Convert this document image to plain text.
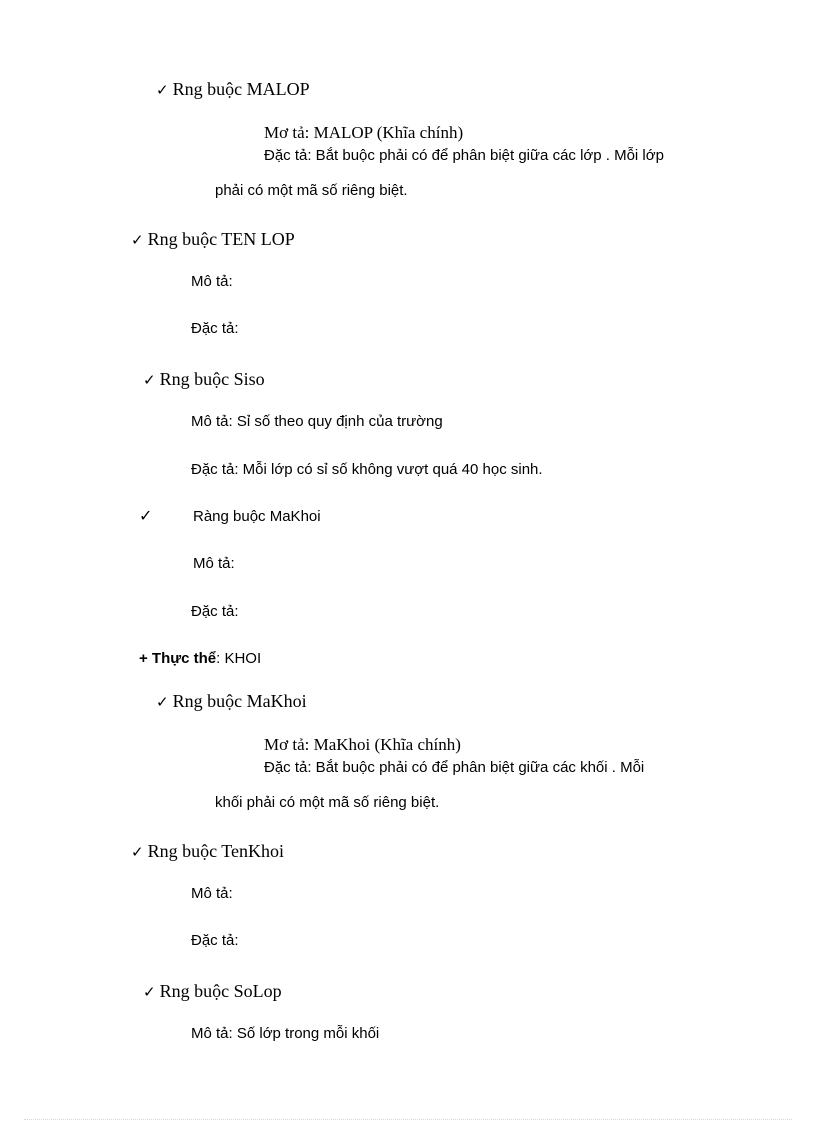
✓ Rng buộc MALOP
Mơ tả: MALOP (Khĩa chính)
Đặc tả: Bắt buộc phải có để phân biệt giữa các lớp . Mỗi lớp
phải có một mã số riêng biệt.
✓ Rng buộc TEN LOP
Mô tả:
Đặc tả:
✓ Rng buộc Siso
Mô tả: Sỉ số theo quy định của trường
Đặc tả: Mỗi lớp có sỉ số không vượt quá 40 học sinh.
✓	Ràng buộc MaKhoi
Mô tả:
Đặc tả:
+ Thực thể: KHOI
✓ Rng buộc MaKhoi
Mơ tả: MaKhoi (Khĩa chính)
Đặc tả: Bắt buộc phải có để phân biệt giữa các khối . Mỗi
khối phải có một mã số riêng biệt.
✓ Rng buộc TenKhoi
Mô tả:
Đặc tả:
✓ Rng buộc SoLop
Mô tả: Số lớp trong mỗi khối
